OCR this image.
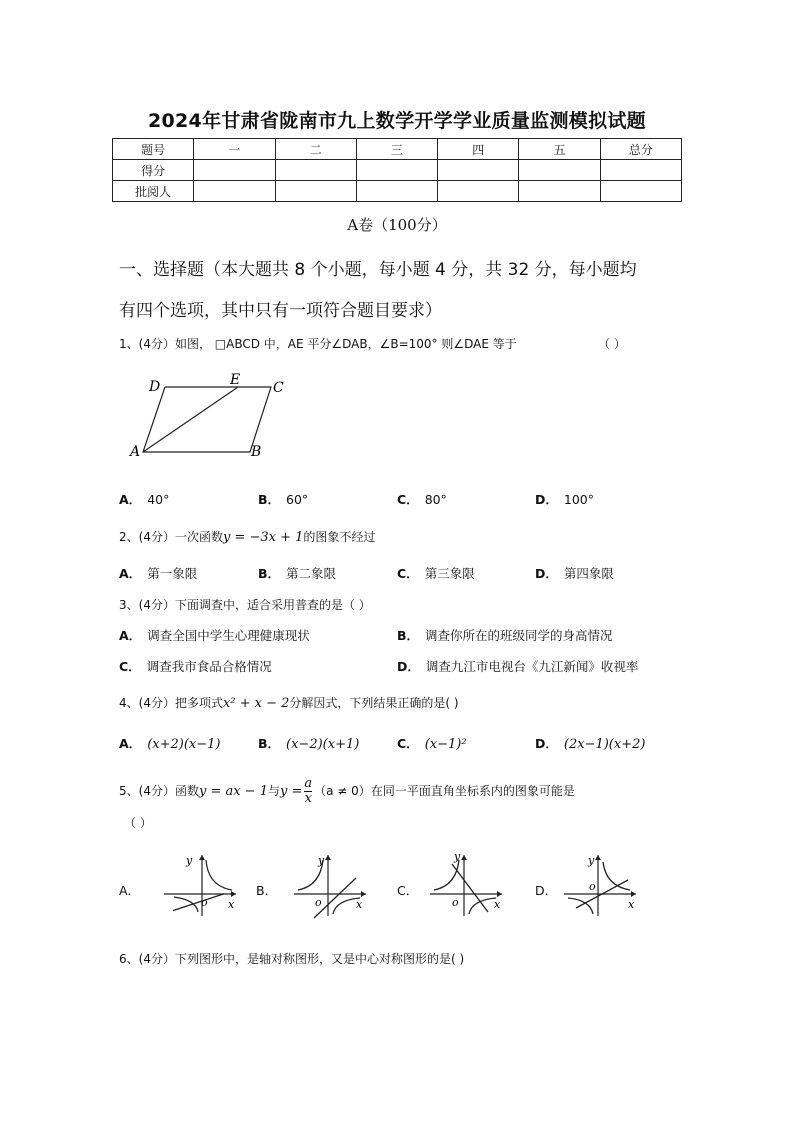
2024年甘肃省陇南市九上数学开学学业质量监测模拟试题
题号	一	二	三	四	五	总分
得分						
批阅人						
A卷（100分）
一、选择题（本大题共 8 个小题，每小题 4 分，共 32 分，每小题均
有四个选项，其中只有一项符合题目要求）
1、(4分）如图， □ABCD 中，AE 平分∠DAB，∠B=100° 则∠DAE 等于	（ ）
D	E C
A	B
A． 40°	B． 60°	C． 80°	D． 100°
2、(4分）一次函数y = −3x + 1的图象不经过
A． 第一象限	B． 第二象限	C． 第三象限	D． 第四象限
3、(4分）下面调查中，适合采用普查的是（ ）
A． 调查全国中学生心理健康现状	B． 调查你所在的班级同学的身高情况
C． 调查我市食品合格情况	D． 调查九江市电视台《九江新闻》收视率
4、(4分）把多项式x² + x − 2分解因式，下列结果正确的是( )
A． (x+2)(x−1)	B． (x−2)(x+1)	C． (x−1)²	D． (2x−1)(x+2)
5、(4分）函数y = ax − 1与$y = \frac{a}{x} (a \ne 0)$在同一平面直角坐标系内的图象可能是
（ ）
A．
y
x
o
B．
y
x
o
C．
y
x
o
D．
y
x
o
6、(4分）下列图形中，是轴对称图形，又是中心对称图形的是( )
